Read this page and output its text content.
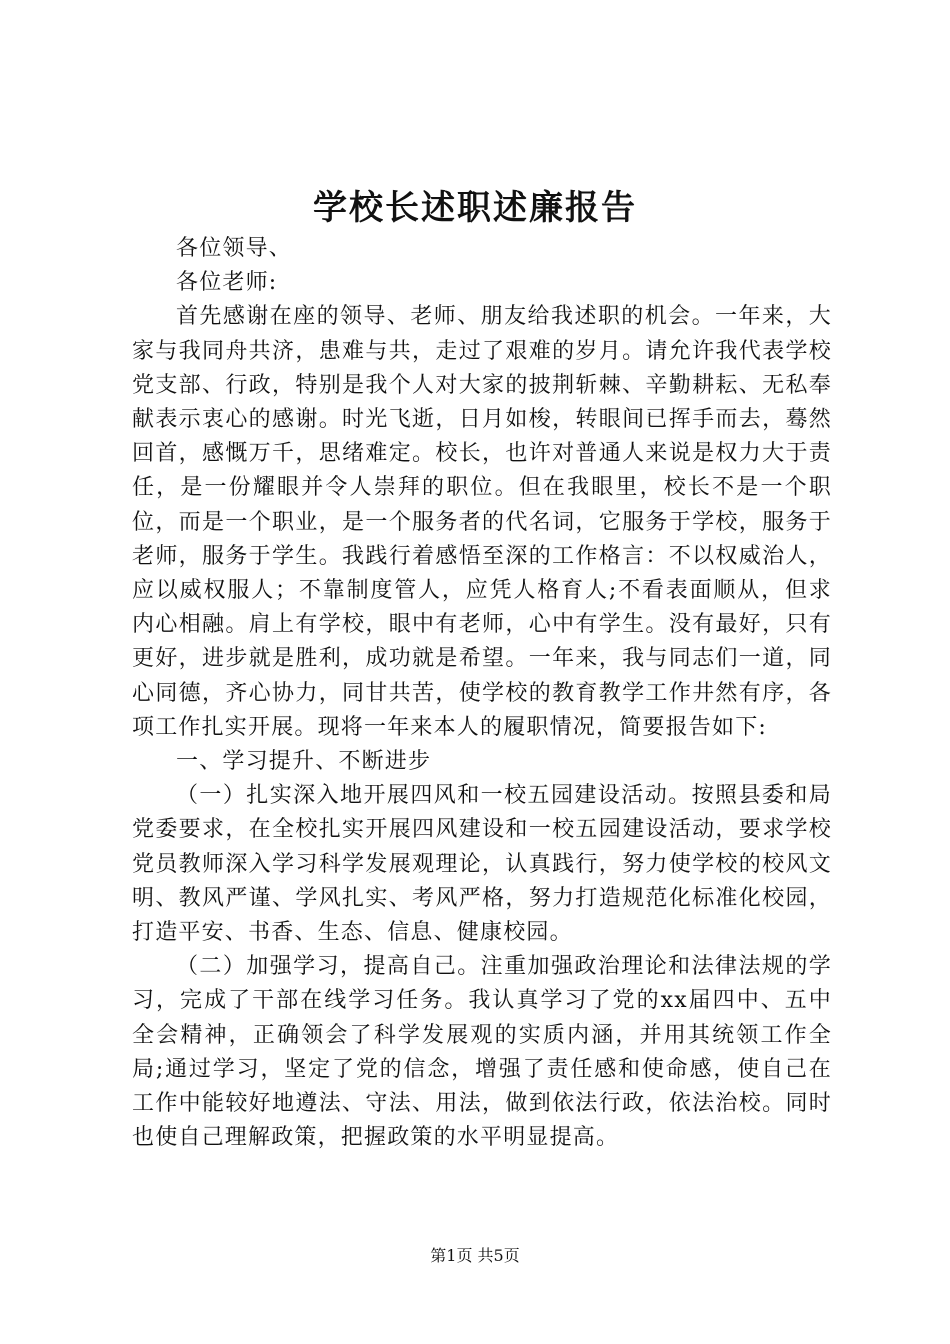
学校长述职述廉报告

各位领导、

各位老师:

首先感谢在座的领导、老师、朋友给我述职的机会。一年来，大家与我同舟共济，患难与共，走过了艰难的岁月。请允许我代表学校党支部、行政，特别是我个人对大家的披荆斩棘、辛勤耕耘、无私奉献表示衷心的感谢。时光飞逝，日月如梭，转眼间已挥手而去，蓦然回首，感慨万千，思绪难定。校长，也许对普通人来说是权力大于责任，是一份耀眼并令人崇拜的职位。但在我眼里，校长不是一个职位，而是一个职业，是一个服务者的代名词，它服务于学校，服务于老师，服务于学生。我践行着感悟至深的工作格言：不以权威治人，应以威权服人；不靠制度管人，应凭人格育人;不看表面顺从，但求内心相融。肩上有学校，眼中有老师，心中有学生。没有最好，只有更好，进步就是胜利，成功就是希望。一年来，我与同志们一道，同心同德，齐心协力，同甘共苦，使学校的教育教学工作井然有序，各项工作扎实开展。现将一年来本人的履职情况，简要报告如下:

一、学习提升、不断进步

（一）扎实深入地开展四风和一校五园建设活动。按照县委和局党委要求，在全校扎实开展四风建设和一校五园建设活动，要求学校党员教师深入学习科学发展观理论，认真践行，努力使学校的校风文明、教风严谨、学风扎实、考风严格，努力打造规范化标准化校园，打造平安、书香、生态、信息、健康校园。

（二）加强学习，提高自己。注重加强政治理论和法律法规的学习，完成了干部在线学习任务。我认真学习了党的xx届四中、五中全会精神，正确领会了科学发展观的实质内涵，并用其统领工作全局;通过学习，坚定了党的信念，增强了责任感和使命感，使自己在工作中能较好地遵法、守法、用法，做到依法行政，依法治校。同时也使自己理解政策，把握政策的水平明显提高。

第1页 共5页
